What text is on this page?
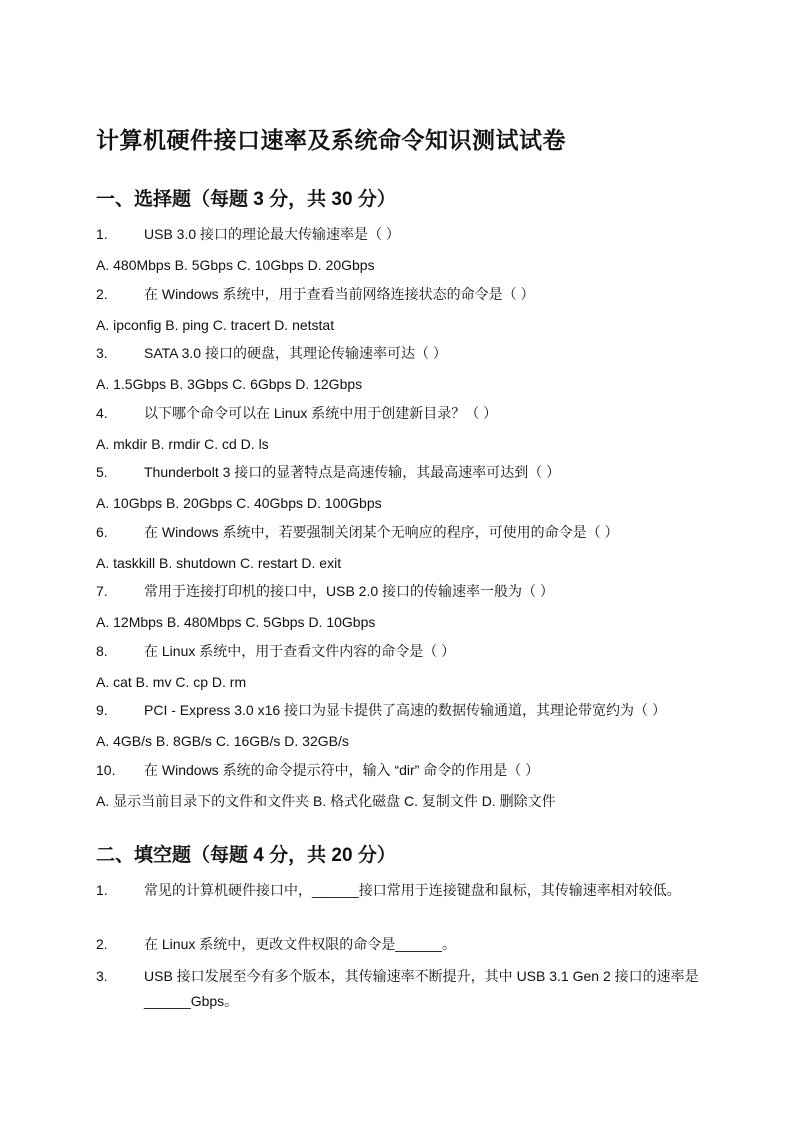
计算机硬件接口速率及系统命令知识测试试卷
一、选择题（每题 3 分，共 30 分）
1.	USB 3.0 接口的理论最大传输速率是（ ）
A. 480Mbps B. 5Gbps C. 10Gbps D. 20Gbps
2.	在 Windows 系统中，用于查看当前网络连接状态的命令是（ ）
A. ipconfig B. ping C. tracert D. netstat
3.	SATA 3.0 接口的硬盘，其理论传输速率可达（ ）
A. 1.5Gbps B. 3Gbps C. 6Gbps D. 12Gbps
4.	以下哪个命令可以在 Linux 系统中用于创建新目录？（ ）
A. mkdir B. rmdir C. cd D. ls
5.	Thunderbolt 3 接口的显著特点是高速传输，其最高速率可达到（ ）
A. 10Gbps B. 20Gbps C. 40Gbps D. 100Gbps
6.	在 Windows 系统中，若要强制关闭某个无响应的程序，可使用的命令是（ ）
A. taskkill B. shutdown C. restart D. exit
7.	常用于连接打印机的接口中，USB 2.0 接口的传输速率一般为（ ）
A. 12Mbps B. 480Mbps C. 5Gbps D. 10Gbps
8.	在 Linux 系统中，用于查看文件内容的命令是（ ）
A. cat B. mv C. cp D. rm
9.	PCI - Express 3.0 x16 接口为显卡提供了高速的数据传输通道，其理论带宽约为（ ）
A. 4GB/s B. 8GB/s C. 16GB/s D. 32GB/s
10. 在 Windows 系统的命令提示符中，输入 “dir” 命令的作用是（ ）
A. 显示当前目录下的文件和文件夹 B. 格式化磁盘 C. 复制文件 D. 删除文件
二、填空题（每题 4 分，共 20 分）
1.	常见的计算机硬件接口中，______接口常用于连接键盘和鼠标，其传输速率相对较低。
2.	在 Linux 系统中，更改文件权限的命令是______。
3.	USB 接口发展至今有多个版本，其传输速率不断提升，其中 USB 3.1 Gen 2 接口的速率是______Gbps。
